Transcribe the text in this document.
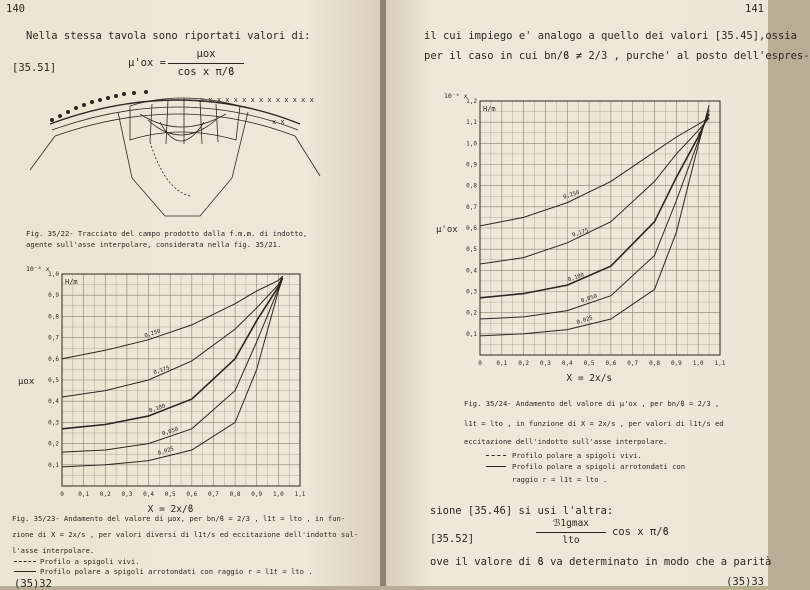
140
Nella stessa tavola sono riportati valori di:
[35.51]	μ'ox =
μox
cos x π/ϐ
x x x x x x x x x x x x x x
x x
Fig. 35/22- Tracciato del campo prodotto dalla f.m.m. di indotto,
agente sull'asse interpolare, considerata nella fig. 35/21.
0 0,1 0,2 0,3 0,4 0,5 0,6 0,7 0,8 0,9 1,0 1,1
0,1
0,2
0,3
0,4
0,5
0,6
0,7
0,8
0,9
1,0
10⁻⁶ x
H/m
μox
X = 2x/ϐ
0,250
0,175
0,100
0,050
0,025
Fig. 35/23- Andamento del valore di μox, per bn/ϐ = 2/3 , l1t = lto , in fun-
zione di X = 2x/s , per valori diversi di l1t/s ed eccitazione dell'indotto sul-
l'asse interpolare.
Profilo a spigoli vivi.
Profilo polare a spigoli arrotondati con raggio r = l1t = lto .
(35)32
141
il cui impiego e' analogo a quello dei valori [35.45],ossia
per il caso in cui bn/ϐ ≠ 2/3 , purche' al posto dell'espres-
0 0,1 0,2 0,3 0,4 0,5 0,6 0,7 0,8 0,9 1,0 1,1
0,1
0,2
0,3
0,4
0,5
0,6
0,7
0,8
0,9
1,0
1,1
1,2
10⁻⁶ x
H/m
μ'ox
X = 2x/s
0,250
0,175
0,100
0,050
0,025
Fig. 35/24- Andamento del valore di μ'ox , per bn/ϐ = 2/3 ,
l1t = lto , in funzione di X = 2x/s , per valori di l1t/s ed
eccitazione dell'indotto sull'asse interpolare.
Profilo polare a spigoli vivi.
Profilo polare a spigoli arrotondati con
raggio r = l1t = lto .
sione [35.46] si usi l'altra:
[35.52]
ℬ1gmax
lto
cos x π/ϐ
ove il valore di ϐ va determinato in modo che a parità
(35)33
